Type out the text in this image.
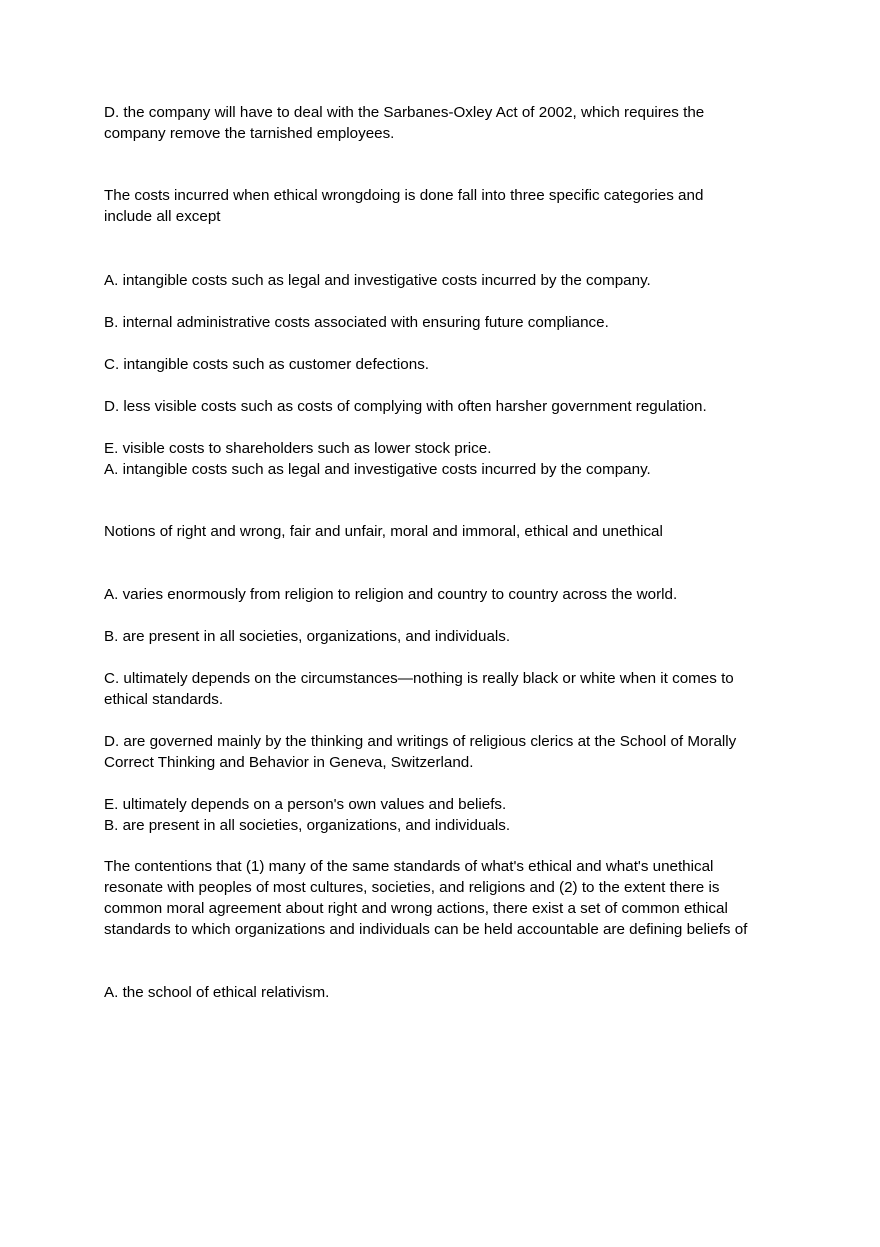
D. the company will have to deal with the Sarbanes-Oxley Act of 2002, which requires the
company remove the tarnished employees.
The costs incurred when ethical wrongdoing is done fall into three specific categories and
include all except
A. intangible costs such as legal and investigative costs incurred by the company.
B. internal administrative costs associated with ensuring future compliance.
C. intangible costs such as customer defections.
D. less visible costs such as costs of complying with often harsher government regulation.
E. visible costs to shareholders such as lower stock price.
A. intangible costs such as legal and investigative costs incurred by the company.
Notions of right and wrong, fair and unfair, moral and immoral, ethical and unethical
A. varies enormously from religion to religion and country to country across the world.
B. are present in all societies, organizations, and individuals.
C. ultimately depends on the circumstances—nothing is really black or white when it comes to
ethical standards.
D. are governed mainly by the thinking and writings of religious clerics at the School of Morally
Correct Thinking and Behavior in Geneva, Switzerland.
E. ultimately depends on a person's own values and beliefs.
B. are present in all societies, organizations, and individuals.
The contentions that (1) many of the same standards of what's ethical and what's unethical
resonate with peoples of most cultures, societies, and religions and (2) to the extent there is
common moral agreement about right and wrong actions, there exist a set of common ethical
standards to which organizations and individuals can be held accountable are defining beliefs of
A. the school of ethical relativism.
